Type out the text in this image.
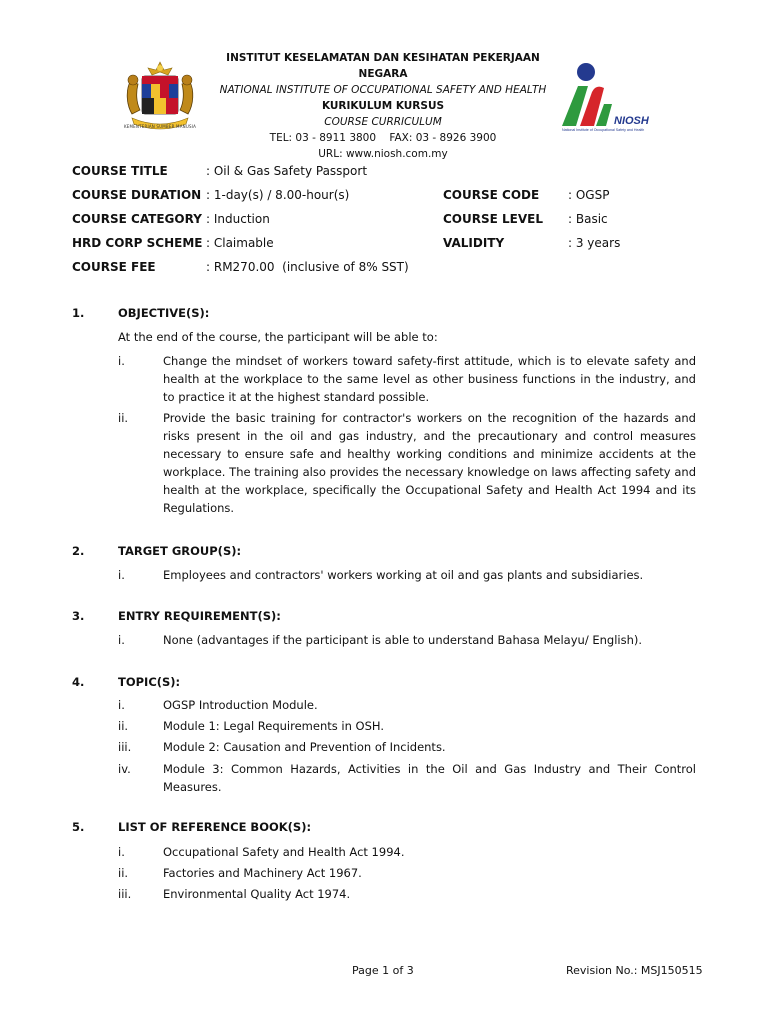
KEMENTERIAN SUMBER MANUSIA
INSTITUT KESELAMATAN DAN KESIHATAN PEKERJAAN NEGARA
NATIONAL INSTITUTE OF OCCUPATIONAL SAFETY AND HEALTH
KURIKULUM KURSUS
COURSE CURRICULUM
TEL: 03 - 8911 3800    FAX: 03 - 8926 3900
URL: www.niosh.com.my
NIOSH
National Institute of Occupational Safety and Health
COURSE TITLE	: Oil & Gas Safety Passport
COURSE DURATION : 1-day(s) / 8.00-hour(s)	COURSE CODE : OGSP
COURSE CATEGORY : Induction	COURSE LEVEL : Basic
HRD CORP SCHEME : Claimable	VALIDITY	: 3 years
COURSE FEE	: RM270.00  (inclusive of 8% SST)
1.	OBJECTIVE(S):
At the end of the course, the participant will be able to:
i.	Change the mindset of workers toward safety-first attitude, which is to elevate safety and health at the workplace to the same level as other business functions in the industry, and to practice it at the highest standard possible.
ii.	Provide the basic training for contractor's workers on the recognition of the hazards and risks present in the oil and gas industry, and the precautionary and control measures necessary to ensure safe and healthy working conditions and minimize accidents at the workplace. The training also provides the necessary knowledge on laws affecting safety and health at the workplace, specifically the Occupational Safety and Health Act 1994 and its Regulations.
2.	TARGET GROUP(S):
i.	Employees and contractors' workers working at oil and gas plants and subsidiaries.
3.	ENTRY REQUIREMENT(S):
i.	None (advantages if the participant is able to understand Bahasa Melayu/ English).
4.	TOPIC(S):
i.	OGSP Introduction Module.
ii.	Module 1: Legal Requirements in OSH.
iii.	Module 2: Causation and Prevention of Incidents.
iv.	Module 3: Common Hazards, Activities in the Oil and Gas Industry and Their Control Measures.
5.	LIST OF REFERENCE BOOK(S):
i.	Occupational Safety and Health Act 1994.
ii.	Factories and Machinery Act 1967.
iii.	Environmental Quality Act 1974.
Page 1 of 3	Revision No.: MSJ150515
